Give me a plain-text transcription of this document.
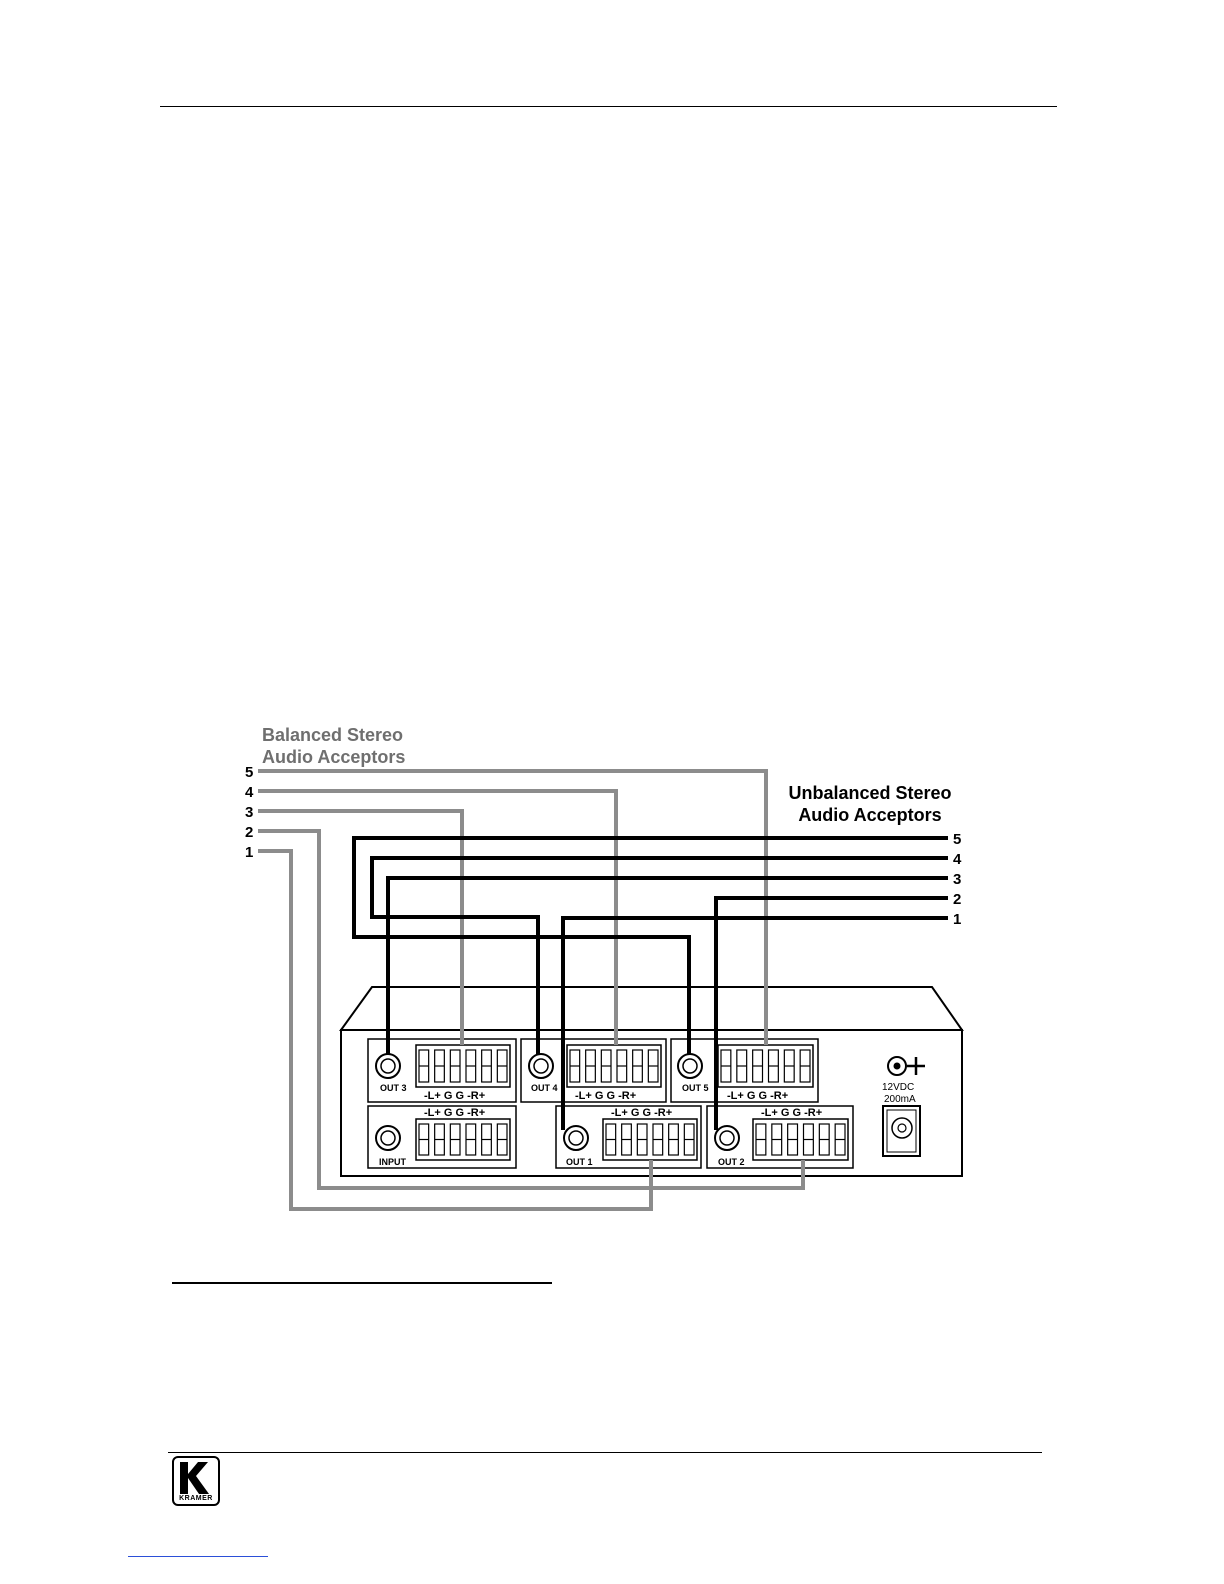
OUT 3	OUT 4	OUT 5
INPUT	OUT 1	OUT 2
-L+ G G -R+	-L+ G G -R+	-L+ G G -R+
-L+ G G -R+	-L+ G G -R+	-L+ G G -R+
12VDC
200mA
Balanced Stereo
Audio Acceptors
Unbalanced Stereo
Audio Acceptors
5
4
3
2
1
5
4
3
2
1
KRAMER
